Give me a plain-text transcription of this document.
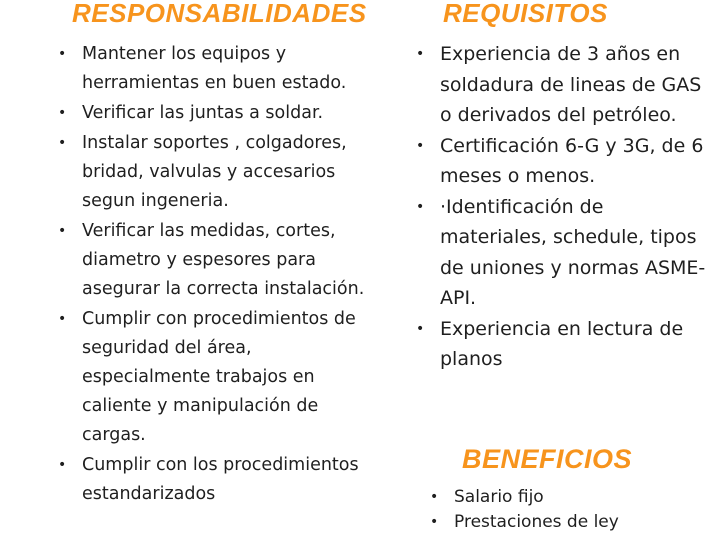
RESPONSABILIDADES
• Mantener los equipos y herramientas en buen estado.
• Verificar las juntas a soldar.
• Instalar soportes , colgadores, bridad, valvulas y accesarios segun ingeneria.
• Verificar las medidas, cortes, diametro y espesores para asegurar la correcta instalación.
• Cumplir con procedimientos de seguridad del área, especialmente trabajos en caliente y manipulación de cargas.
• Cumplir con los procedimientos estandarizados
REQUISITOS
• Experiencia de 3 años en soldadura de lineas de GAS o derivados del petróleo.
• Certificación 6-G y 3G, de 6 meses o menos.
• ·Identificación de materiales, schedule, tipos de uniones y normas ASME-API.
• Experiencia en lectura de planos
BENEFICIOS
• Salario fijo
• Prestaciones de ley
